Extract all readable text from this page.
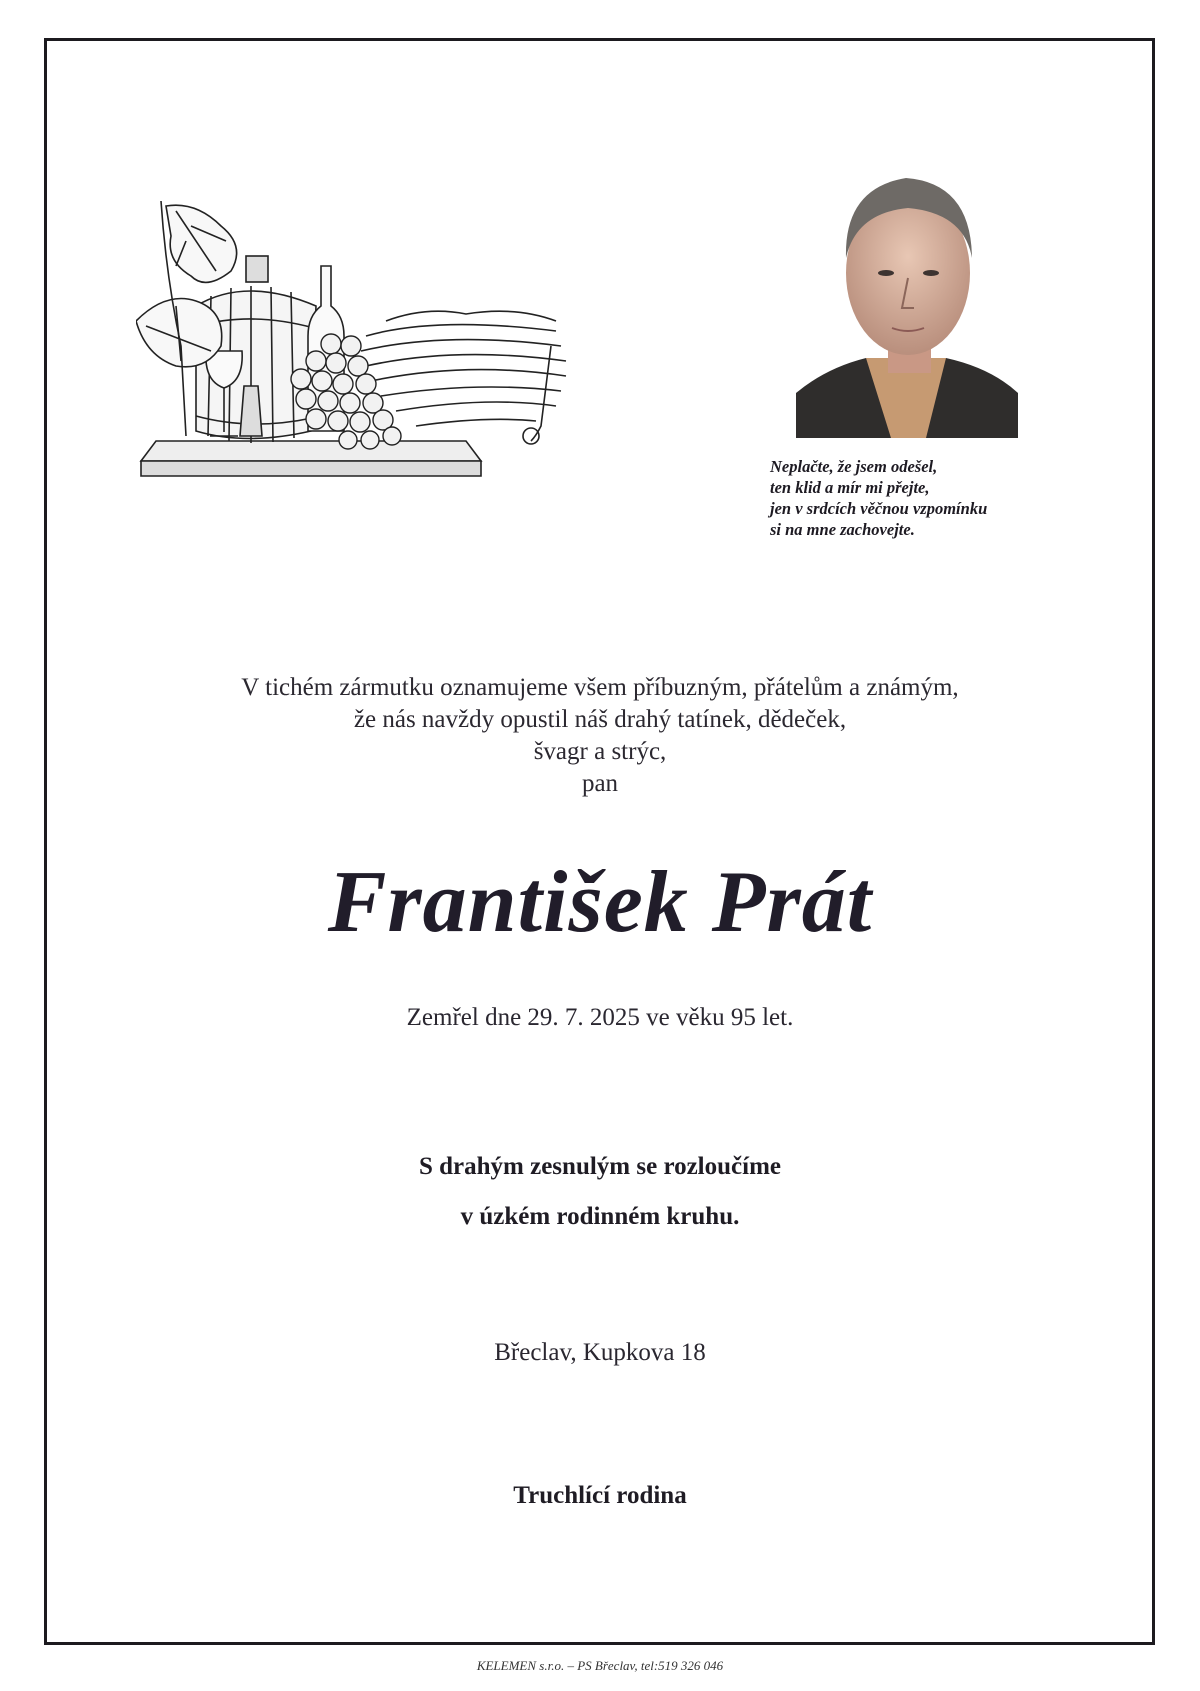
Neplačte, že jsem odešel,
ten klid a mír mi přejte,
jen v srdcích věčnou vzpomínku
si na mne zachovejte.
V tichém zármutku oznamujeme všem příbuzným, přátelům a známým,
že nás navždy opustil náš drahý tatínek, dědeček,
švagr a strýc,
pan
František Prát
Zemřel dne 29. 7. 2025 ve věku 95 let.
S drahým zesnulým se rozloučíme
v úzkém rodinném kruhu.
Břeclav, Kupkova 18
Truchlící rodina
KELEMEN s.r.o. – PS Břeclav, tel:519 326 046
